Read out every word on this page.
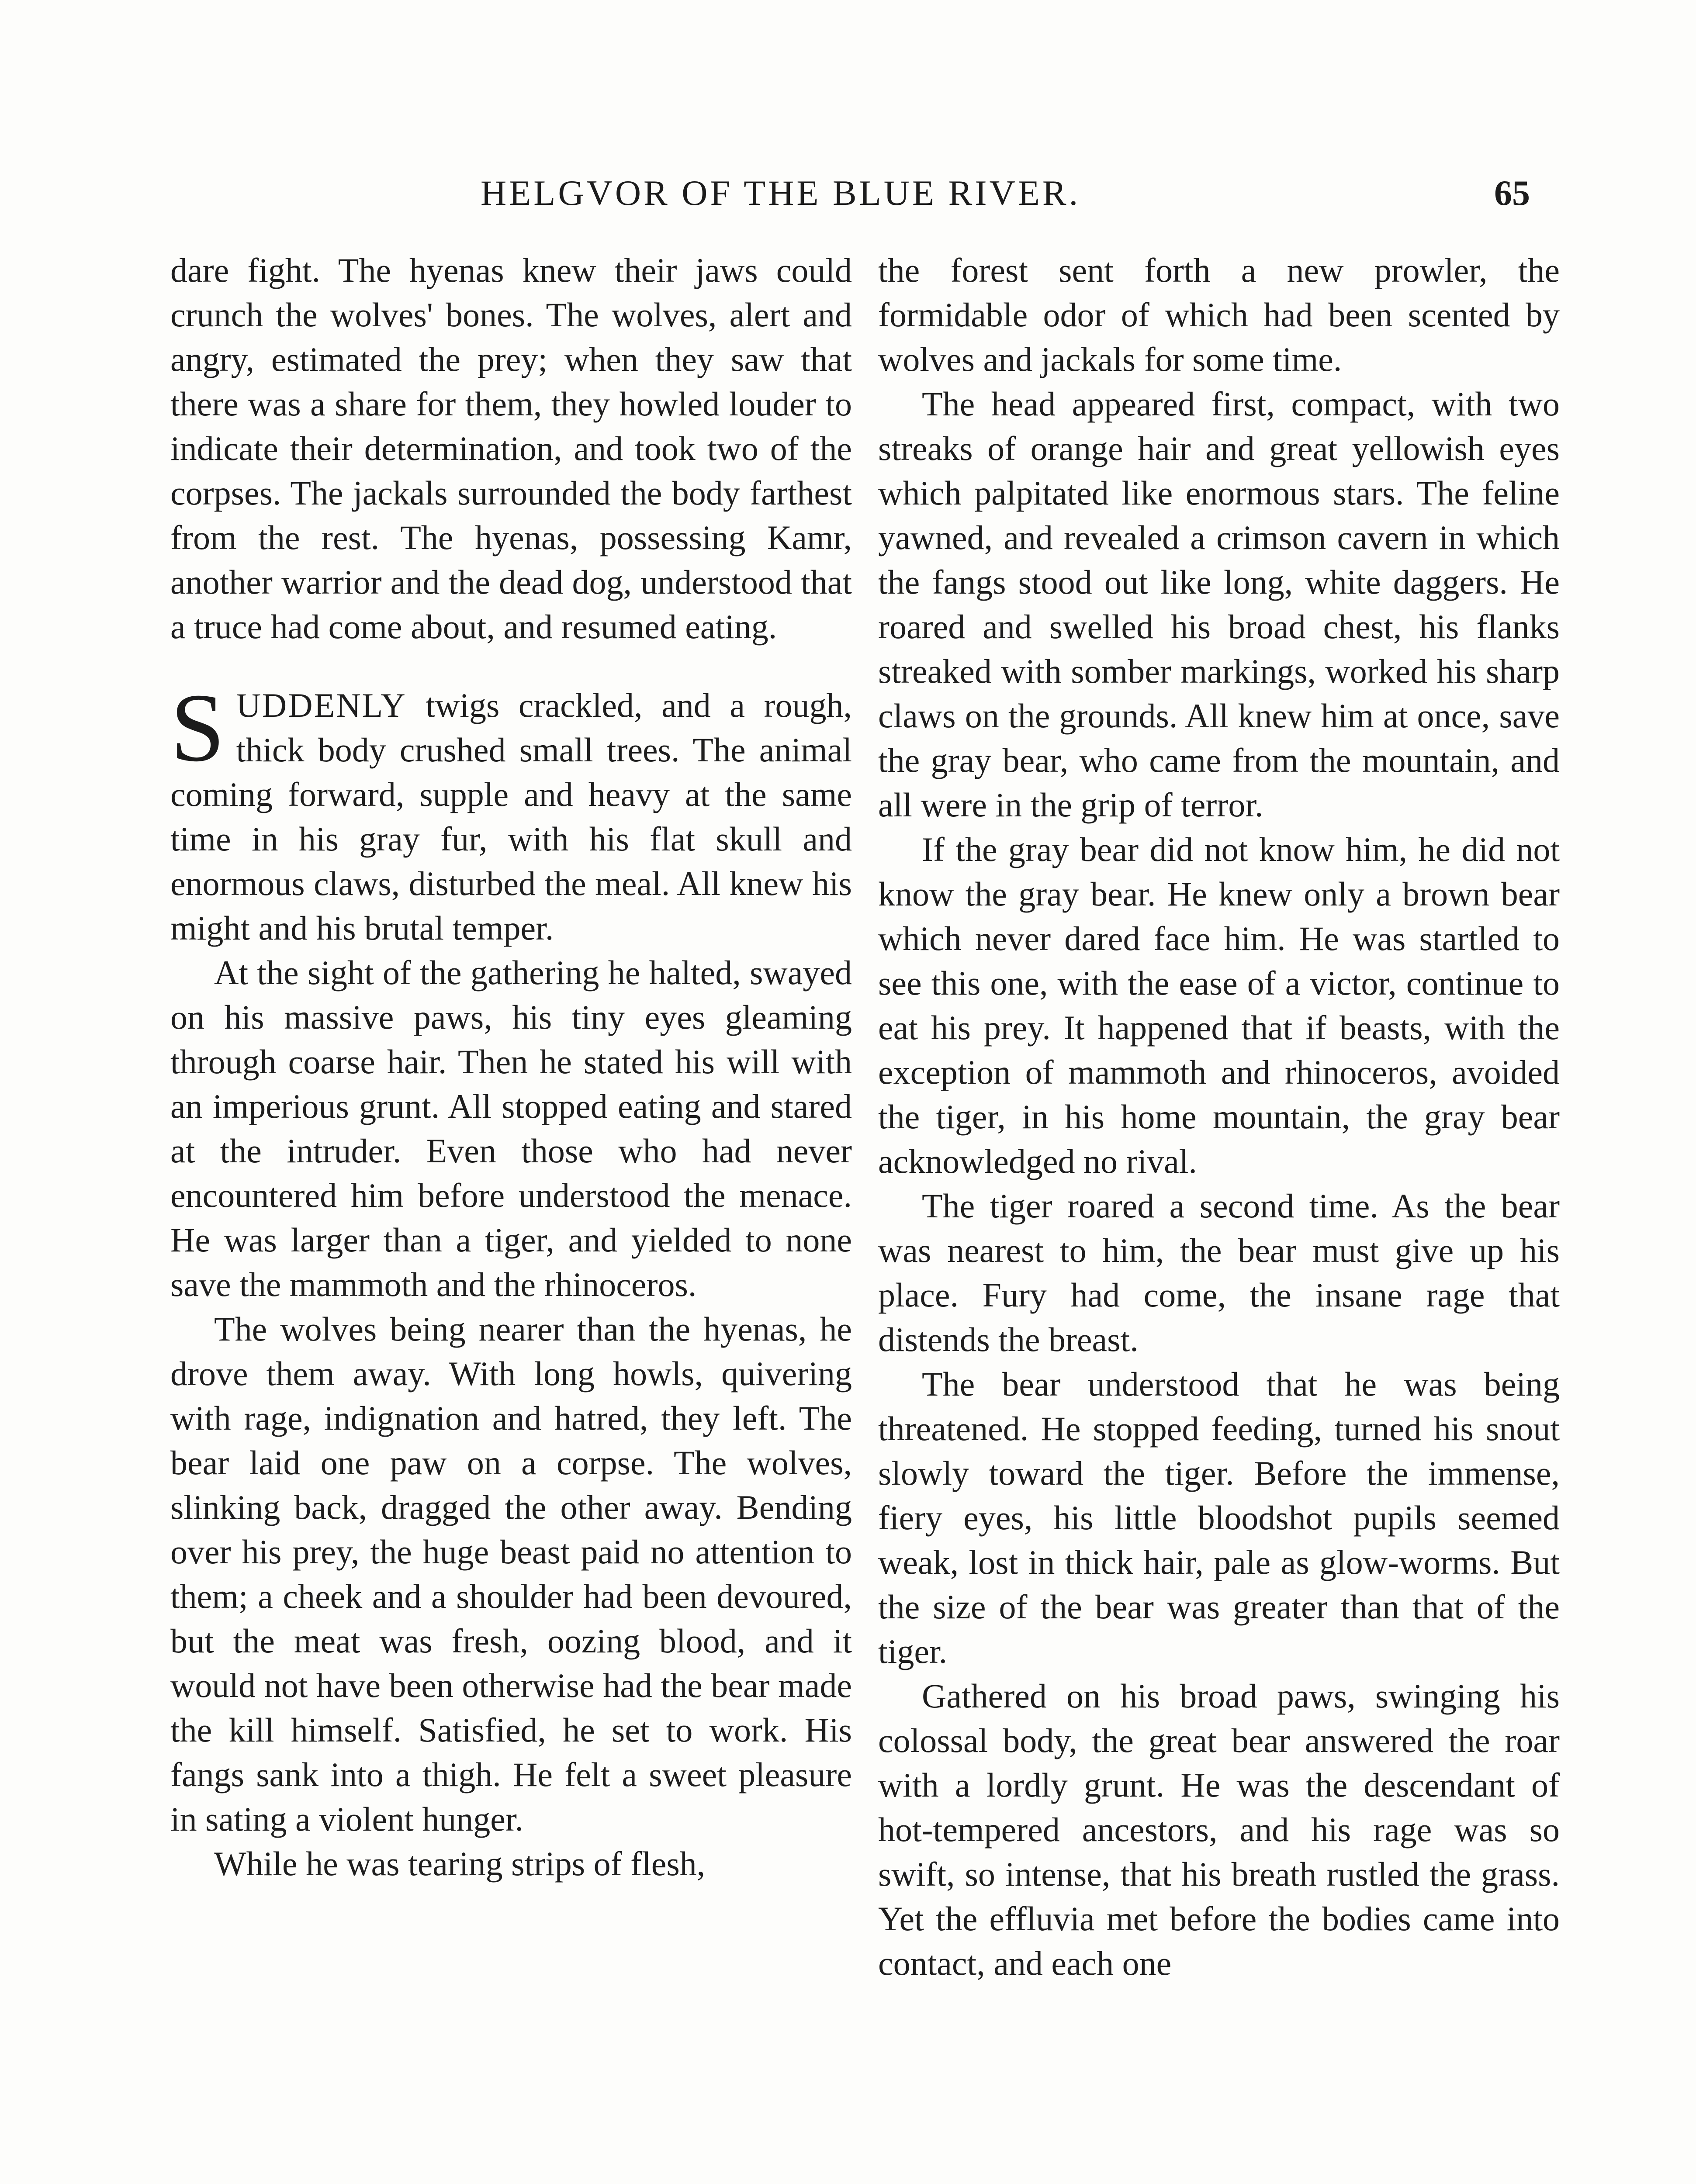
HELGVOR OF THE BLUE RIVER.	65

dare fight. The hyenas knew their jaws could crunch the wolves' bones. The wolves, alert and angry, estimated the prey; when they saw that there was a share for them, they howled louder to indicate their determination, and took two of the corpses. The jackals surrounded the body farthest from the rest. The hyenas, possessing Kamr, another warrior and the dead dog, understood that a truce had come about, and resumed eating.

SUDDENLY twigs crackled, and a rough, thick body crushed small trees. The animal coming forward, supple and heavy at the same time in his gray fur, with his flat skull and enormous claws, disturbed the meal. All knew his might and his brutal temper.

At the sight of the gathering he halted, swayed on his massive paws, his tiny eyes gleaming through coarse hair. Then he stated his will with an imperious grunt. All stopped eating and stared at the intruder. Even those who had never encountered him before understood the menace. He was larger than a tiger, and yielded to none save the mammoth and the rhinoceros.

The wolves being nearer than the hyenas, he drove them away. With long howls, quivering with rage, indignation and hatred, they left. The bear laid one paw on a corpse. The wolves, slinking back, dragged the other away. Bending over his prey, the huge beast paid no attention to them; a cheek and a shoulder had been devoured, but the meat was fresh, oozing blood, and it would not have been otherwise had the bear made the kill himself. Satisfied, he set to work. His fangs sank into a thigh. He felt a sweet pleasure in sating a violent hunger.

While he was tearing strips of flesh,

the forest sent forth a new prowler, the formidable odor of which had been scented by wolves and jackals for some time.

The head appeared first, compact, with two streaks of orange hair and great yellowish eyes which palpitated like enormous stars. The feline yawned, and revealed a crimson cavern in which the fangs stood out like long, white daggers. He roared and swelled his broad chest, his flanks streaked with somber markings, worked his sharp claws on the grounds. All knew him at once, save the gray bear, who came from the mountain, and all were in the grip of terror.

If the gray bear did not know him, he did not know the gray bear. He knew only a brown bear which never dared face him. He was startled to see this one, with the ease of a victor, continue to eat his prey. It happened that if beasts, with the exception of mammoth and rhinoceros, avoided the tiger, in his home mountain, the gray bear acknowledged no rival.

The tiger roared a second time. As the bear was nearest to him, the bear must give up his place. Fury had come, the insane rage that distends the breast.

The bear understood that he was being threatened. He stopped feeding, turned his snout slowly toward the tiger. Before the immense, fiery eyes, his little bloodshot pupils seemed weak, lost in thick hair, pale as glow-worms. But the size of the bear was greater than that of the tiger.

Gathered on his broad paws, swinging his colossal body, the great bear answered the roar with a lordly grunt. He was the descendant of hot-tempered ancestors, and his rage was so swift, so intense, that his breath rustled the grass. Yet the effluvia met before the bodies came into contact, and each one
